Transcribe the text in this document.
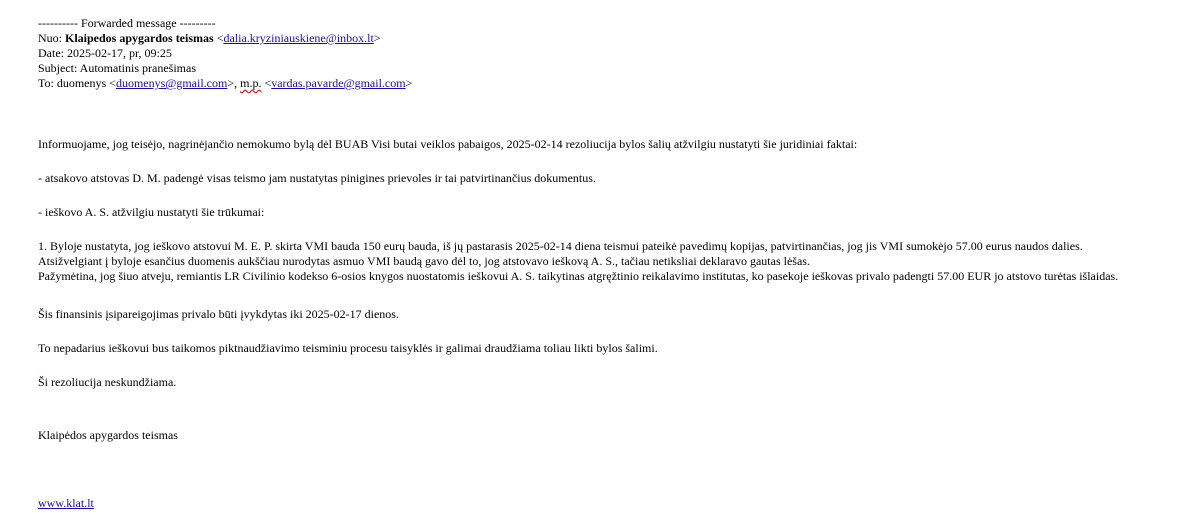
---------- Forwarded message ---------
Nuo: Klaipedos apygardos teismas <dalia.kryziniauskiene@inbox.lt>
Date: 2025-02-17, pr, 09:25
Subject: Automatinis pranešimas
To: duomenys <duomenys@gmail.com>, m.p. <vardas.pavarde@gmail.com>
Informuojame, jog teisėjo, nagrinėjančio nemokumo bylą dėl BUAB Visi butai veiklos pabaigos, 2025-02-14 rezoliucija bylos šalių atžvilgiu nustatyti šie juridiniai faktai:
- atsakovo atstovas D. M. padengė visas teismo jam nustatytas pinigines prievoles ir tai patvirtinančius dokumentus.
- ieškovo A. S. atžvilgiu nustatyti šie trūkumai:
1. Byloje nustatyta, jog ieškovo atstovui M. E. P. skirta VMI bauda 150 eurų bauda, iš jų pastarasis 2025-02-14 diena teismui pateikė pavedimų kopijas, patvirtinančias, jog jis VMI sumokėjo 57.00 eurus naudos dalies.
Atsižvelgiant į byloje esančius duomenis aukščiau nurodytas asmuo VMI baudą gavo dėl to, jog atstovavo ieškovą A. S., tačiau netiksliai deklaravo gautas lėšas.
Pažymėtina, jog šiuo atveju, remiantis LR Civilinio kodekso 6-osios knygos nuostatomis ieškovui A. S. taikytinas atgręžtinio reikalavimo institutas, ko pasekoje ieškovas privalo padengti 57.00 EUR jo atstovo turėtas išlaidas.
Šis finansinis įsipareigojimas privalo būti įvykdytas iki 2025-02-17 dienos.
To nepadarius ieškovui bus taikomos piktnaudžiavimo teisminiu procesu taisyklės ir galimai draudžiama toliau likti bylos šalimi.
Ši rezoliucija neskundžiama.
Klaipėdos apygardos teismas
www.klat.lt
